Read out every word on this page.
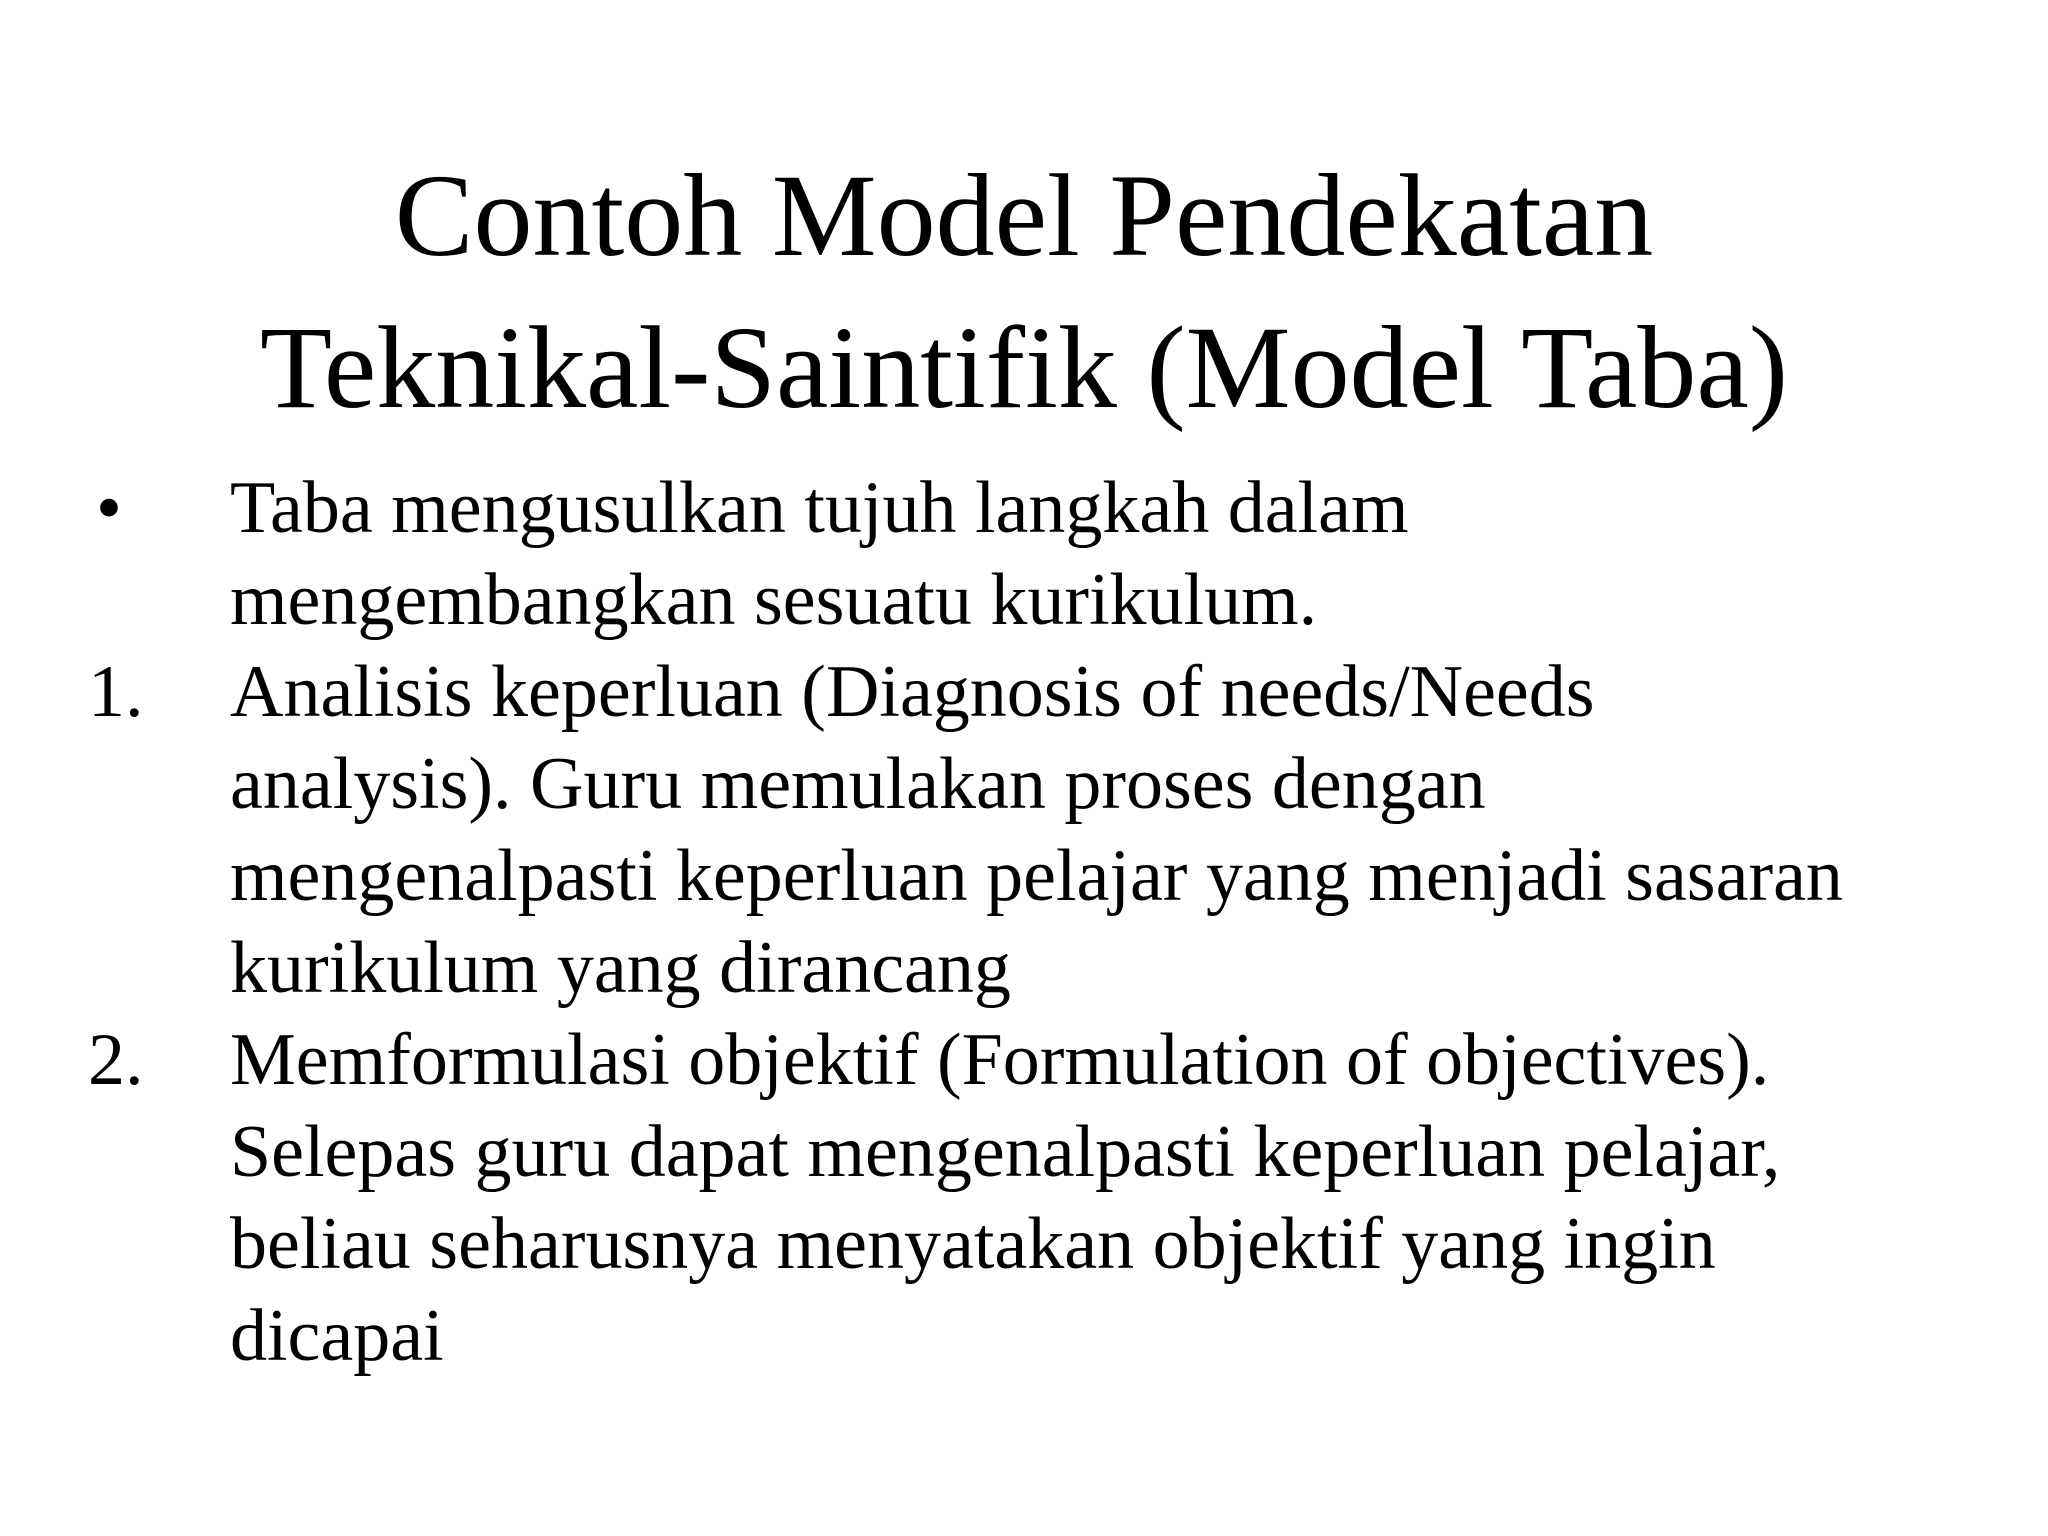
Contoh Model Pendekatan
Teknikal-Saintifik (Model Taba)
• Taba mengusulkan tujuh langkah dalam
mengembangkan sesuatu kurikulum.
1. Analisis keperluan (Diagnosis of needs/Needs
analysis). Guru memulakan proses dengan
mengenalpasti keperluan pelajar yang menjadi sasaran
kurikulum yang dirancang
2. Memformulasi objektif (Formulation of objectives).
Selepas guru dapat mengenalpasti keperluan pelajar,
beliau seharusnya menyatakan objektif yang ingin
dicapai
